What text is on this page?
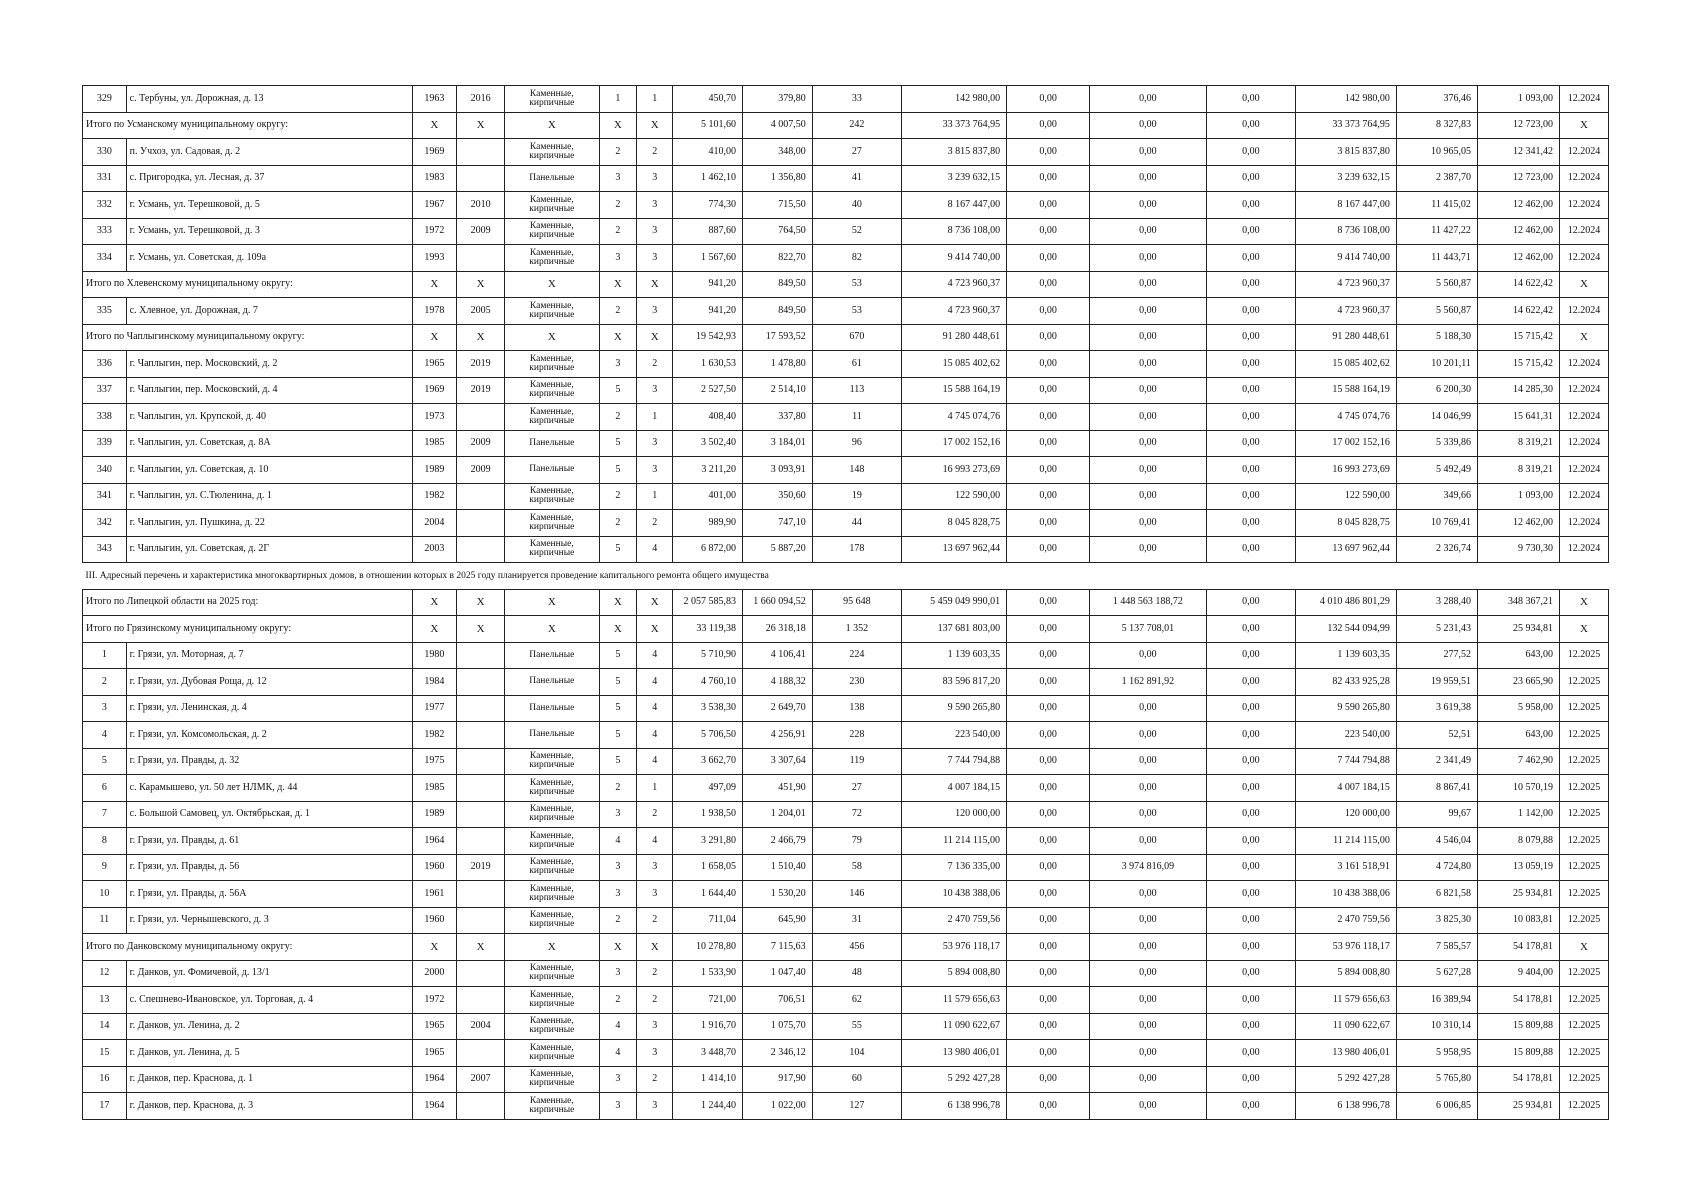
329	с. Тербуны, ул. Дорожная, д. 13	1963	2016	Каменные, кирпичные	1	1	450,70	379,80	33	142 980,00	0,00	0,00	0,00	142 980,00	376,46	1 093,00	12.2024
Итого по Усманскому муниципальному округу:		X	X	X	X	X	5 101,60	4 007,50	242	33 373 764,95	0,00	0,00	0,00	33 373 764,95	8 327,83	12 723,00	X
330	п. Учхоз, ул. Садовая, д. 2	1969		Каменные, кирпичные	2	2	410,00	348,00	27	3 815 837,80	0,00	0,00	0,00	3 815 837,80	10 965,05	12 341,42	12.2024
331	с. Пригородка, ул. Лесная, д. 37	1983		Панельные	3	3	1 462,10	1 356,80	41	3 239 632,15	0,00	0,00	0,00	3 239 632,15	2 387,70	12 723,00	12.2024
332	г. Усмань, ул. Терешковой, д. 5	1967	2010	Каменные, кирпичные	2	3	774,30	715,50	40	8 167 447,00	0,00	0,00	0,00	8 167 447,00	11 415,02	12 462,00	12.2024
333	г. Усмань, ул. Терешковой, д. 3	1972	2009	Каменные, кирпичные	2	3	887,60	764,50	52	8 736 108,00	0,00	0,00	0,00	8 736 108,00	11 427,22	12 462,00	12.2024
334	г. Усмань, ул. Советская, д. 109а	1993		Каменные, кирпичные	3	3	1 567,60	822,70	82	9 414 740,00	0,00	0,00	0,00	9 414 740,00	11 443,71	12 462,00	12.2024
Итого по Хлевенскому муниципальному округу:		X	X	X	X	X	941,20	849,50	53	4 723 960,37	0,00	0,00	0,00	4 723 960,37	5 560,87	14 622,42	X
335	с. Хлевное, ул. Дорожная, д. 7	1978	2005	Каменные, кирпичные	2	3	941,20	849,50	53	4 723 960,37	0,00	0,00	0,00	4 723 960,37	5 560,87	14 622,42	12.2024
Итого по Чаплыгинскому муниципальному округу:		X	X	X	X	X	19 542,93	17 593,52	670	91 280 448,61	0,00	0,00	0,00	91 280 448,61	5 188,30	15 715,42	X
336	г. Чаплыгин, пер. Московский, д. 2	1965	2019	Каменные, кирпичные	3	2	1 630,53	1 478,80	61	15 085 402,62	0,00	0,00	0,00	15 085 402,62	10 201,11	15 715,42	12.2024
337	г. Чаплыгин, пер. Московский, д. 4	1969	2019	Каменные, кирпичные	5	3	2 527,50	2 514,10	113	15 588 164,19	0,00	0,00	0,00	15 588 164,19	6 200,30	14 285,30	12.2024
338	г. Чаплыгин, ул. Крупской, д. 40	1973		Каменные, кирпичные	2	1	408,40	337,80	11	4 745 074,76	0,00	0,00	0,00	4 745 074,76	14 046,99	15 641,31	12.2024
339	г. Чаплыгин, ул. Советская, д. 8А	1985	2009	Панельные	5	3	3 502,40	3 184,01	96	17 002 152,16	0,00	0,00	0,00	17 002 152,16	5 339,86	8 319,21	12.2024
340	г. Чаплыгин, ул. Советская, д. 10	1989	2009	Панельные	5	3	3 211,20	3 093,91	148	16 993 273,69	0,00	0,00	0,00	16 993 273,69	5 492,49	8 319,21	12.2024
341	г. Чаплыгин, ул. С.Тюленина, д. 1	1982		Каменные, кирпичные	2	1	401,00	350,60	19	122 590,00	0,00	0,00	0,00	122 590,00	349,66	1 093,00	12.2024
342	г. Чаплыгин, ул. Пушкина, д. 22	2004		Каменные, кирпичные	2	2	989,90	747,10	44	8 045 828,75	0,00	0,00	0,00	8 045 828,75	10 769,41	12 462,00	12.2024
343	г. Чаплыгин, ул. Советская, д. 2Г	2003		Каменные, кирпичные	5	4	6 872,00	5 887,20	178	13 697 962,44	0,00	0,00	0,00	13 697 962,44	2 326,74	9 730,30	12.2024
III. Адресный перечень и характеристика многоквартирных домов, в отношении которых в 2025 году планируется проведение капитального ремонта общего имущества																	
Итого по Липецкой области на 2025 год:		X	X	X	X	X	2 057 585,83	1 660 094,52	95 648	5 459 049 990,01	0,00	1 448 563 188,72	0,00	4 010 486 801,29	3 288,40	348 367,21	X
Итого по Грязинскому муниципальному округу:		X	X	X	X	X	33 119,38	26 318,18	1 352	137 681 803,00	0,00	5 137 708,01	0,00	132 544 094,99	5 231,43	25 934,81	X
1	г. Грязи, ул. Моторная, д. 7	1980		Панельные	5	4	5 710,90	4 106,41	224	1 139 603,35	0,00	0,00	0,00	1 139 603,35	277,52	643,00	12.2025
2	г. Грязи, ул. Дубовая Роща, д. 12	1984		Панельные	5	4	4 760,10	4 188,32	230	83 596 817,20	0,00	1 162 891,92	0,00	82 433 925,28	19 959,51	23 665,90	12.2025
3	г. Грязи, ул. Ленинская, д. 4	1977		Панельные	5	4	3 538,30	2 649,70	138	9 590 265,80	0,00	0,00	0,00	9 590 265,80	3 619,38	5 958,00	12.2025
4	г. Грязи, ул. Комсомольская, д. 2	1982		Панельные	5	4	5 706,50	4 256,91	228	223 540,00	0,00	0,00	0,00	223 540,00	52,51	643,00	12.2025
5	г. Грязи, ул. Правды, д. 32	1975		Каменные, кирпичные	5	4	3 662,70	3 307,64	119	7 744 794,88	0,00	0,00	0,00	7 744 794,88	2 341,49	7 462,90	12.2025
6	с. Карамышево, ул. 50 лет НЛМК, д. 44	1985		Каменные, кирпичные	2	1	497,09	451,90	27	4 007 184,15	0,00	0,00	0,00	4 007 184,15	8 867,41	10 570,19	12.2025
7	с. Большой Самовец, ул. Октябрьская, д. 1	1989		Каменные, кирпичные	3	2	1 938,50	1 204,01	72	120 000,00	0,00	0,00	0,00	120 000,00	99,67	1 142,00	12.2025
8	г. Грязи, ул. Правды, д. 61	1964		Каменные, кирпичные	4	4	3 291,80	2 466,79	79	11 214 115,00	0,00	0,00	0,00	11 214 115,00	4 546,04	8 079,88	12.2025
9	г. Грязи, ул. Правды, д. 56	1960	2019	Каменные, кирпичные	3	3	1 658,05	1 510,40	58	7 136 335,00	0,00	3 974 816,09	0,00	3 161 518,91	4 724,80	13 059,19	12.2025
10	г. Грязи, ул. Правды, д. 56А	1961		Каменные, кирпичные	3	3	1 644,40	1 530,20	146	10 438 388,06	0,00	0,00	0,00	10 438 388,06	6 821,58	25 934,81	12.2025
11	г. Грязи, ул. Чернышевского, д. 3	1960		Каменные, кирпичные	2	2	711,04	645,90	31	2 470 759,56	0,00	0,00	0,00	2 470 759,56	3 825,30	10 083,81	12.2025
Итого по Данковскому муниципальному округу:		X	X	X	X	X	10 278,80	7 115,63	456	53 976 118,17	0,00	0,00	0,00	53 976 118,17	7 585,57	54 178,81	X
12	г. Данков, ул. Фомичевой, д. 13/1	2000		Каменные, кирпичные	3	2	1 533,90	1 047,40	48	5 894 008,80	0,00	0,00	0,00	5 894 008,80	5 627,28	9 404,00	12.2025
13	с. Спешнево-Ивановское, ул. Торговая, д. 4	1972		Каменные, кирпичные	2	2	721,00	706,51	62	11 579 656,63	0,00	0,00	0,00	11 579 656,63	16 389,94	54 178,81	12.2025
14	г. Данков, ул. Ленина, д. 2	1965	2004	Каменные, кирпичные	4	3	1 916,70	1 075,70	55	11 090 622,67	0,00	0,00	0,00	11 090 622,67	10 310,14	15 809,88	12.2025
15	г. Данков, ул. Ленина, д. 5	1965		Каменные, кирпичные	4	3	3 448,70	2 346,12	104	13 980 406,01	0,00	0,00	0,00	13 980 406,01	5 958,95	15 809,88	12.2025
16	г. Данков, пер. Краснова, д. 1	1964	2007	Каменные, кирпичные	3	2	1 414,10	917,90	60	5 292 427,28	0,00	0,00	0,00	5 292 427,28	5 765,80	54 178,81	12.2025
17	г. Данков, пер. Краснова, д. 3	1964		Каменные, кирпичные	3	3	1 244,40	1 022,00	127	6 138 996,78	0,00	0,00	0,00	6 138 996,78	6 006,85	25 934,81	12.2025
